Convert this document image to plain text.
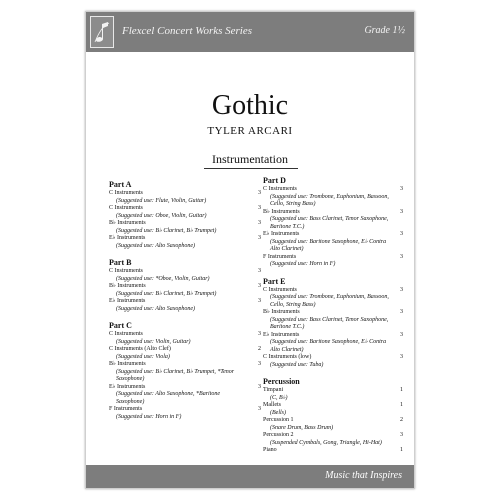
Flexcel Concert Works Series	Grade 1½
Gothic
TYLER ARCARI
Instrumentation
Part A
C Instruments	3
(Suggested use: Flute, Violin, Guitar)
C Instruments	3
(Suggested use: Oboe, Violin, Guitar)
B♭ Instruments	3
(Suggested use: B♭ Clarinet, B♭ Trumpet)
E♭ Instruments	3
(Suggested use: Alto Saxophone)
Part B
C Instruments	3
(Suggested use: *Oboe, Violin, Guitar)
B♭ Instruments	3
(Suggested use: B♭ Clarinet, B♭ Trumpet)
E♭ Instruments	3
(Suggested use: Alto Saxophone)
Part C
C Instruments	3
(Suggested use: Violin, Guitar)
C Instruments (Alto Clef)	2
(Suggested use: Viola)
B♭ Instruments	3
(Suggested use: B♭ Clarinet, B♭ Trumpet, *Tenor Saxophone)
E♭ Instruments	3
(Suggested use: Alto Saxophone, *Baritone Saxophone)
F Instruments	3
(Suggested use: Horn in F)
Part D
C Instruments	3
(Suggested use: Trombone, Euphonium, Bassoon, Cello, String Bass)
B♭ Instruments	3
(Suggested use: Bass Clarinet, Tenor Saxophone, Baritone T.C.)
E♭ Instruments	3
(Suggested use: Baritone Saxophone, E♭ Contra Alto Clarinet)
F Instruments	3
(Suggested use: Horn in F)
Part E
C Instruments	3
(Suggested use: Trombone, Euphonium, Bassoon, Cello, String Bass)
B♭ Instruments	3
(Suggested use: Bass Clarinet, Tenor Saxophone, Baritone T.C.)
E♭ Instruments	3
(Suggested use: Baritone Saxophone, E♭ Contra Alto Clarinet)
C Instruments (low)	3
(Suggested use: Tuba)
Percussion
Timpani	1
(C, B♭)
Mallets	1
(Bells)
Percussion 1	2
(Snare Drum, Bass Drum)
Percussion 2	3
(Suspended Cymbals, Gong, Triangle, Hi-Hat)
Piano	1
Music that Inspires
